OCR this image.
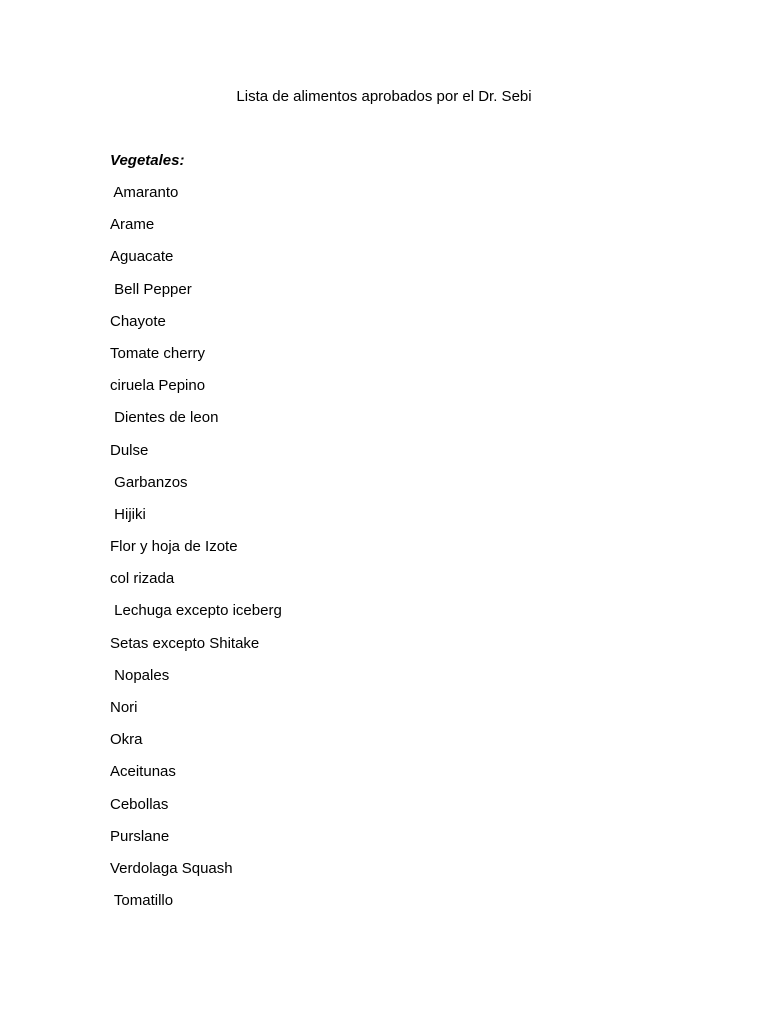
Lista de alimentos aprobados por el Dr. Sebi
Vegetales:
Amaranto
Arame
Aguacate
Bell Pepper
Chayote
Tomate cherry
ciruela Pepino
Dientes de leon
Dulse
Garbanzos
Hijiki
Flor y hoja de Izote
col rizada
Lechuga excepto iceberg
Setas excepto Shitake
Nopales
Nori
Okra
Aceitunas
Cebollas
Purslane
Verdolaga Squash
Tomatillo
